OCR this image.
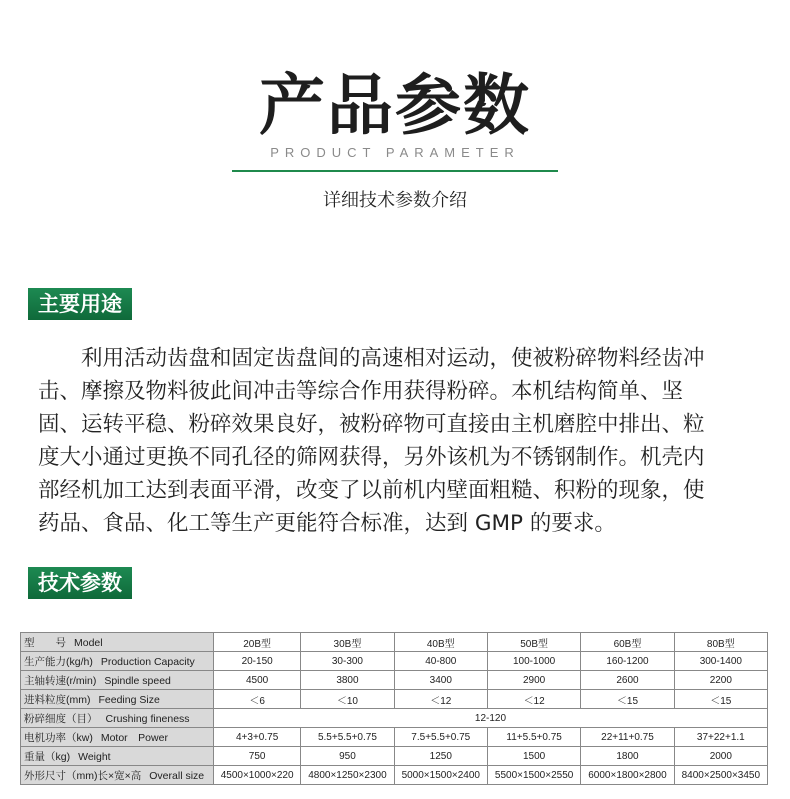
产品参数
PRODUCT PARAMETER
详细技术参数介绍
主要用途
　　利用活动齿盘和固定齿盘间的高速相对运动，使被粉碎物料经齿冲
击、摩擦及物料彼此间冲击等综合作用获得粉碎。本机结构简单、坚
固、运转平稳、粉碎效果良好，被粉碎物可直接由主机磨腔中排出、粒
度大小通过更换不同孔径的筛网获得，另外该机为不锈钢制作。机壳内
部经机加工达到表面平滑，改变了以前机内壁面粗糙、积粉的现象，使
药品、食品、化工等生产更能符合标准，达到 GMP 的要求。
技术参数
型　　号 Model	20B型	30B型	40B型	50B型	60B型	80B型
生产能力(kg/h) Production Capacity	20-150	30-300	40-800	100-1000	160-1200	300-1400
主轴转速(r/min) Spindle speed	4500	3800	3400	2900	2600	2200
进料粒度(mm) Feeding Size	＜6	＜10	＜12	＜12	＜15	＜15
粉碎细度（目） Crushing fineness	12-120					
电机功率（kw) Motor　Power	4+3+0.75	5.5+5.5+0.75	7.5+5.5+0.75	11+5.5+0.75	22+11+0.75	37+22+1.1
重量（kg) Weight	750	950	1250	1500	1800	2000
外形尺寸（mm)长×宽×高 Overall size	4500×1000×220	4800×1250×2300	5000×1500×2400	5500×1500×2550	6000×1800×2800	8400×2500×3450
